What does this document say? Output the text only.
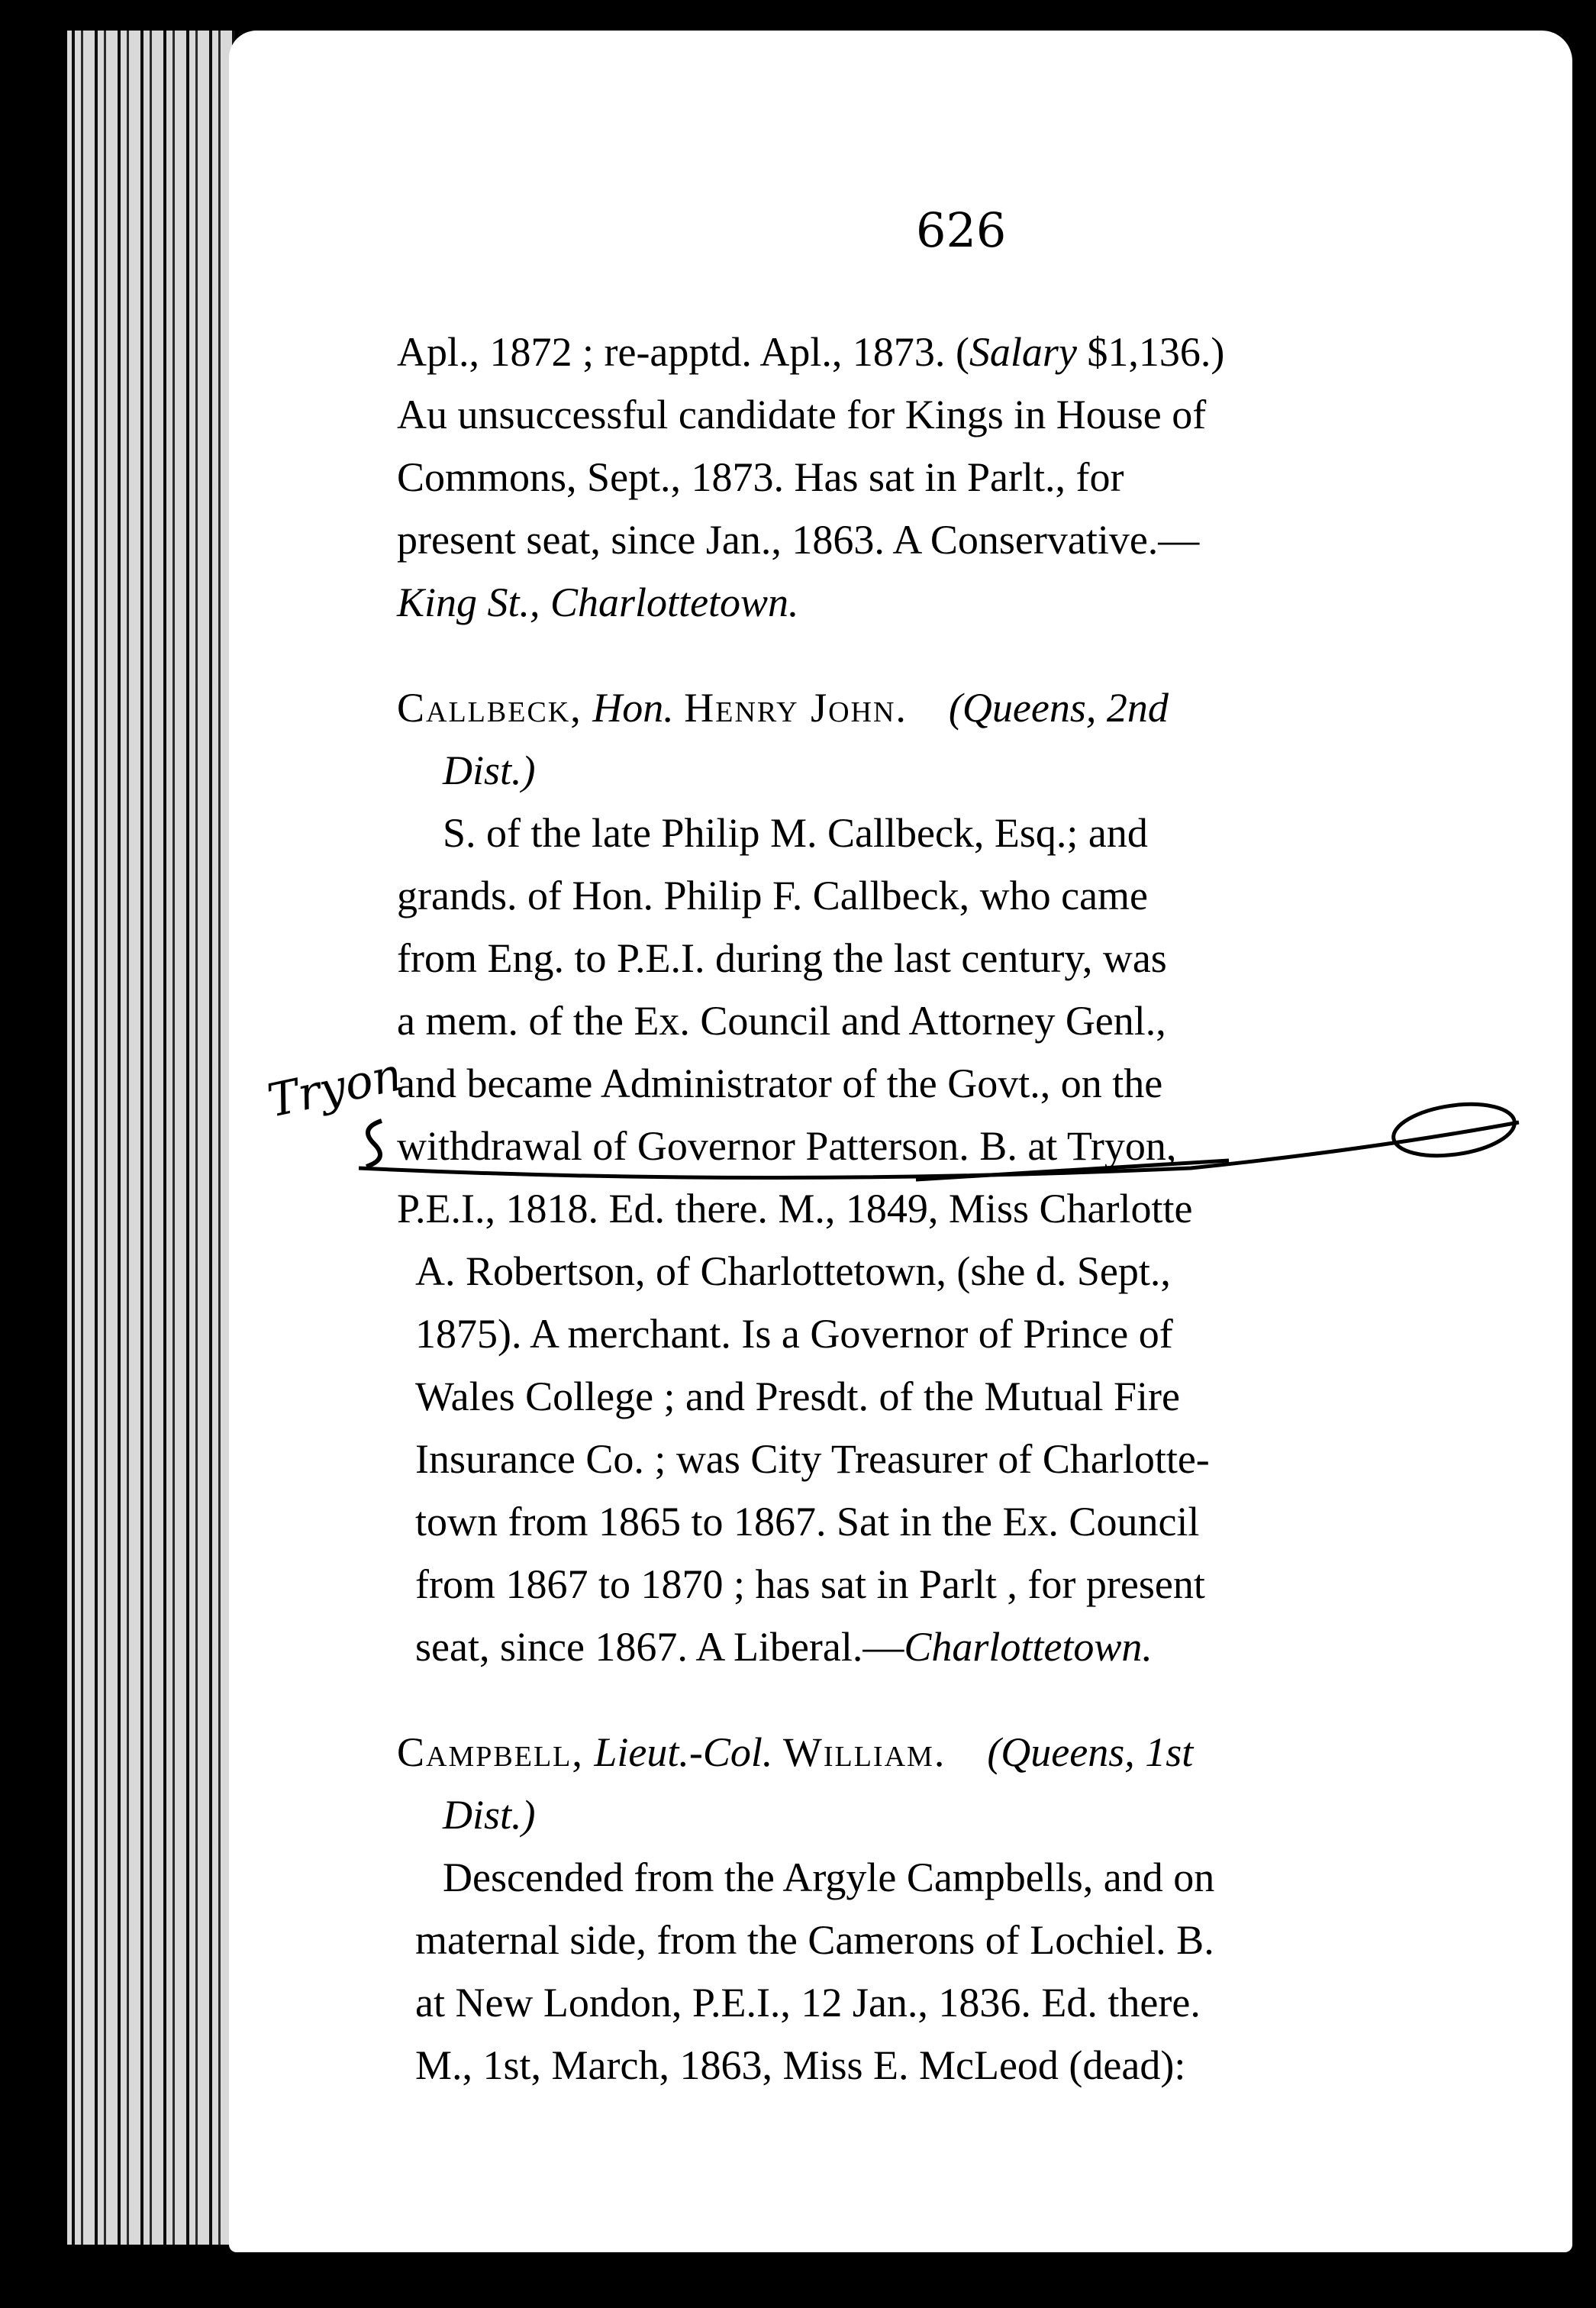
626
Apl., 1872 ; re-apptd. Apl., 1873. (Salary $1,136.)
Au unsuccessful candidate for Kings in House of
Commons, Sept., 1873. Has sat in Parlt., for
present seat, since Jan., 1863. A Conservative.—
King St., Charlottetown.
Callbeck, Hon. Henry John. (Queens, 2nd
Dist.)
S. of the late Philip M. Callbeck, Esq.; and
grands. of Hon. Philip F. Callbeck, who came
from Eng. to P.E.I. during the last century, was
a mem. of the Ex. Council and Attorney Genl.,
and became Administrator of the Govt., on the
withdrawal of Governor Patterson. B. at Tryon,
P.E.I., 1818. Ed. there. M., 1849, Miss Charlotte
A. Robertson, of Charlottetown, (she d. Sept.,
1875). A merchant. Is a Governor of Prince of
Wales College ; and Presdt. of the Mutual Fire
Insurance Co. ; was City Treasurer of Charlotte-
town from 1865 to 1867. Sat in the Ex. Council
from 1867 to 1870 ; has sat in Parlt , for present
seat, since 1867. A Liberal.—Charlottetown.
Campbell, Lieut.-Col. William. (Queens, 1st
Dist.)
Descended from the Argyle Campbells, and on
maternal side, from the Camerons of Lochiel. B.
at New London, P.E.I., 12 Jan., 1836. Ed. there.
M., 1st, March, 1863, Miss E. McLeod (dead):
Tryon
